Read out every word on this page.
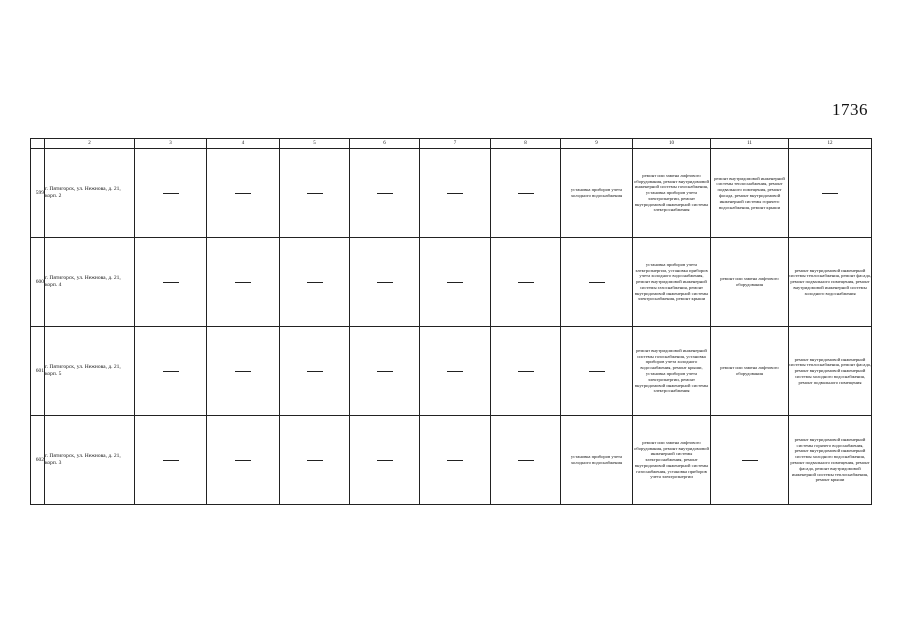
1736
	2	3	4	5	6	7	8	9	10	11	12
599	г. Пятигорск, ул. Нежнова, д. 21, корп. 2							установка приборов учета холодного водоснабжения	ремонт или замена лифтового оборудования, ремонт внутридомовой инженерной системы газоснабжения, установка приборов учета электроэнергии, ремонт внутридомовой инженерной системы электроснабжения	ремонт внутридомовой инженерной системы теплоснабжения, ремонт подвального помещения, ремонт фасада, ремонт внутридомовой инженерной системы горячего водоснабжения, ремонт крыши	
600	г. Пятигорск, ул. Нежнова, д. 21, корп. 4								установка приборов учета электроэнергии, установка приборов учета холодного водоснабжения, ремонт внутридомовой инженерной системы газоснабжения, ремонт внутридомовой инженерной системы электроснабжения, ремонт крыши	ремонт или замена лифтового оборудования	ремонт внутридомовой инженерной системы теплоснабжения, ремонт фасада, ремонт подвального помещения, ремонт внутридомовой инженерной системы холодного водоснабжения
601	г. Пятигорск, ул. Нежнова, д. 21, корп. 5								ремонт внутридомовой инженерной системы газоснабжения, установка приборов учета холодного водоснабжения, ремонт крыши, установка приборов учета электроэнергии, ремонт внутридомовой инженерной системы электроснабжения	ремонт или замена лифтового оборудования	ремонт внутридомовой инженерной системы теплоснабжения, ремонт фасада, ремонт внутридомовой инженерной системы холодного водоснабжения, ремонт подвального помещения
602	г. Пятигорск, ул. Нежнова, д. 21, корп. 3							установка приборов учета холодного водоснабжения	ремонт или замена лифтового оборудования, ремонт внутридомовой инженерной системы электроснабжения, ремонт внутридомовой инженерной системы газоснабжения, установка приборов учета электроэнергии		ремонт внутридомовой инженерной системы горячего водоснабжения, ремонт внутридомовой инженерной системы холодного водоснабжения, ремонт подвального помещения, ремонт фасада, ремонт внутридомовой инженерной системы теплоснабжения, ремонт крыши
